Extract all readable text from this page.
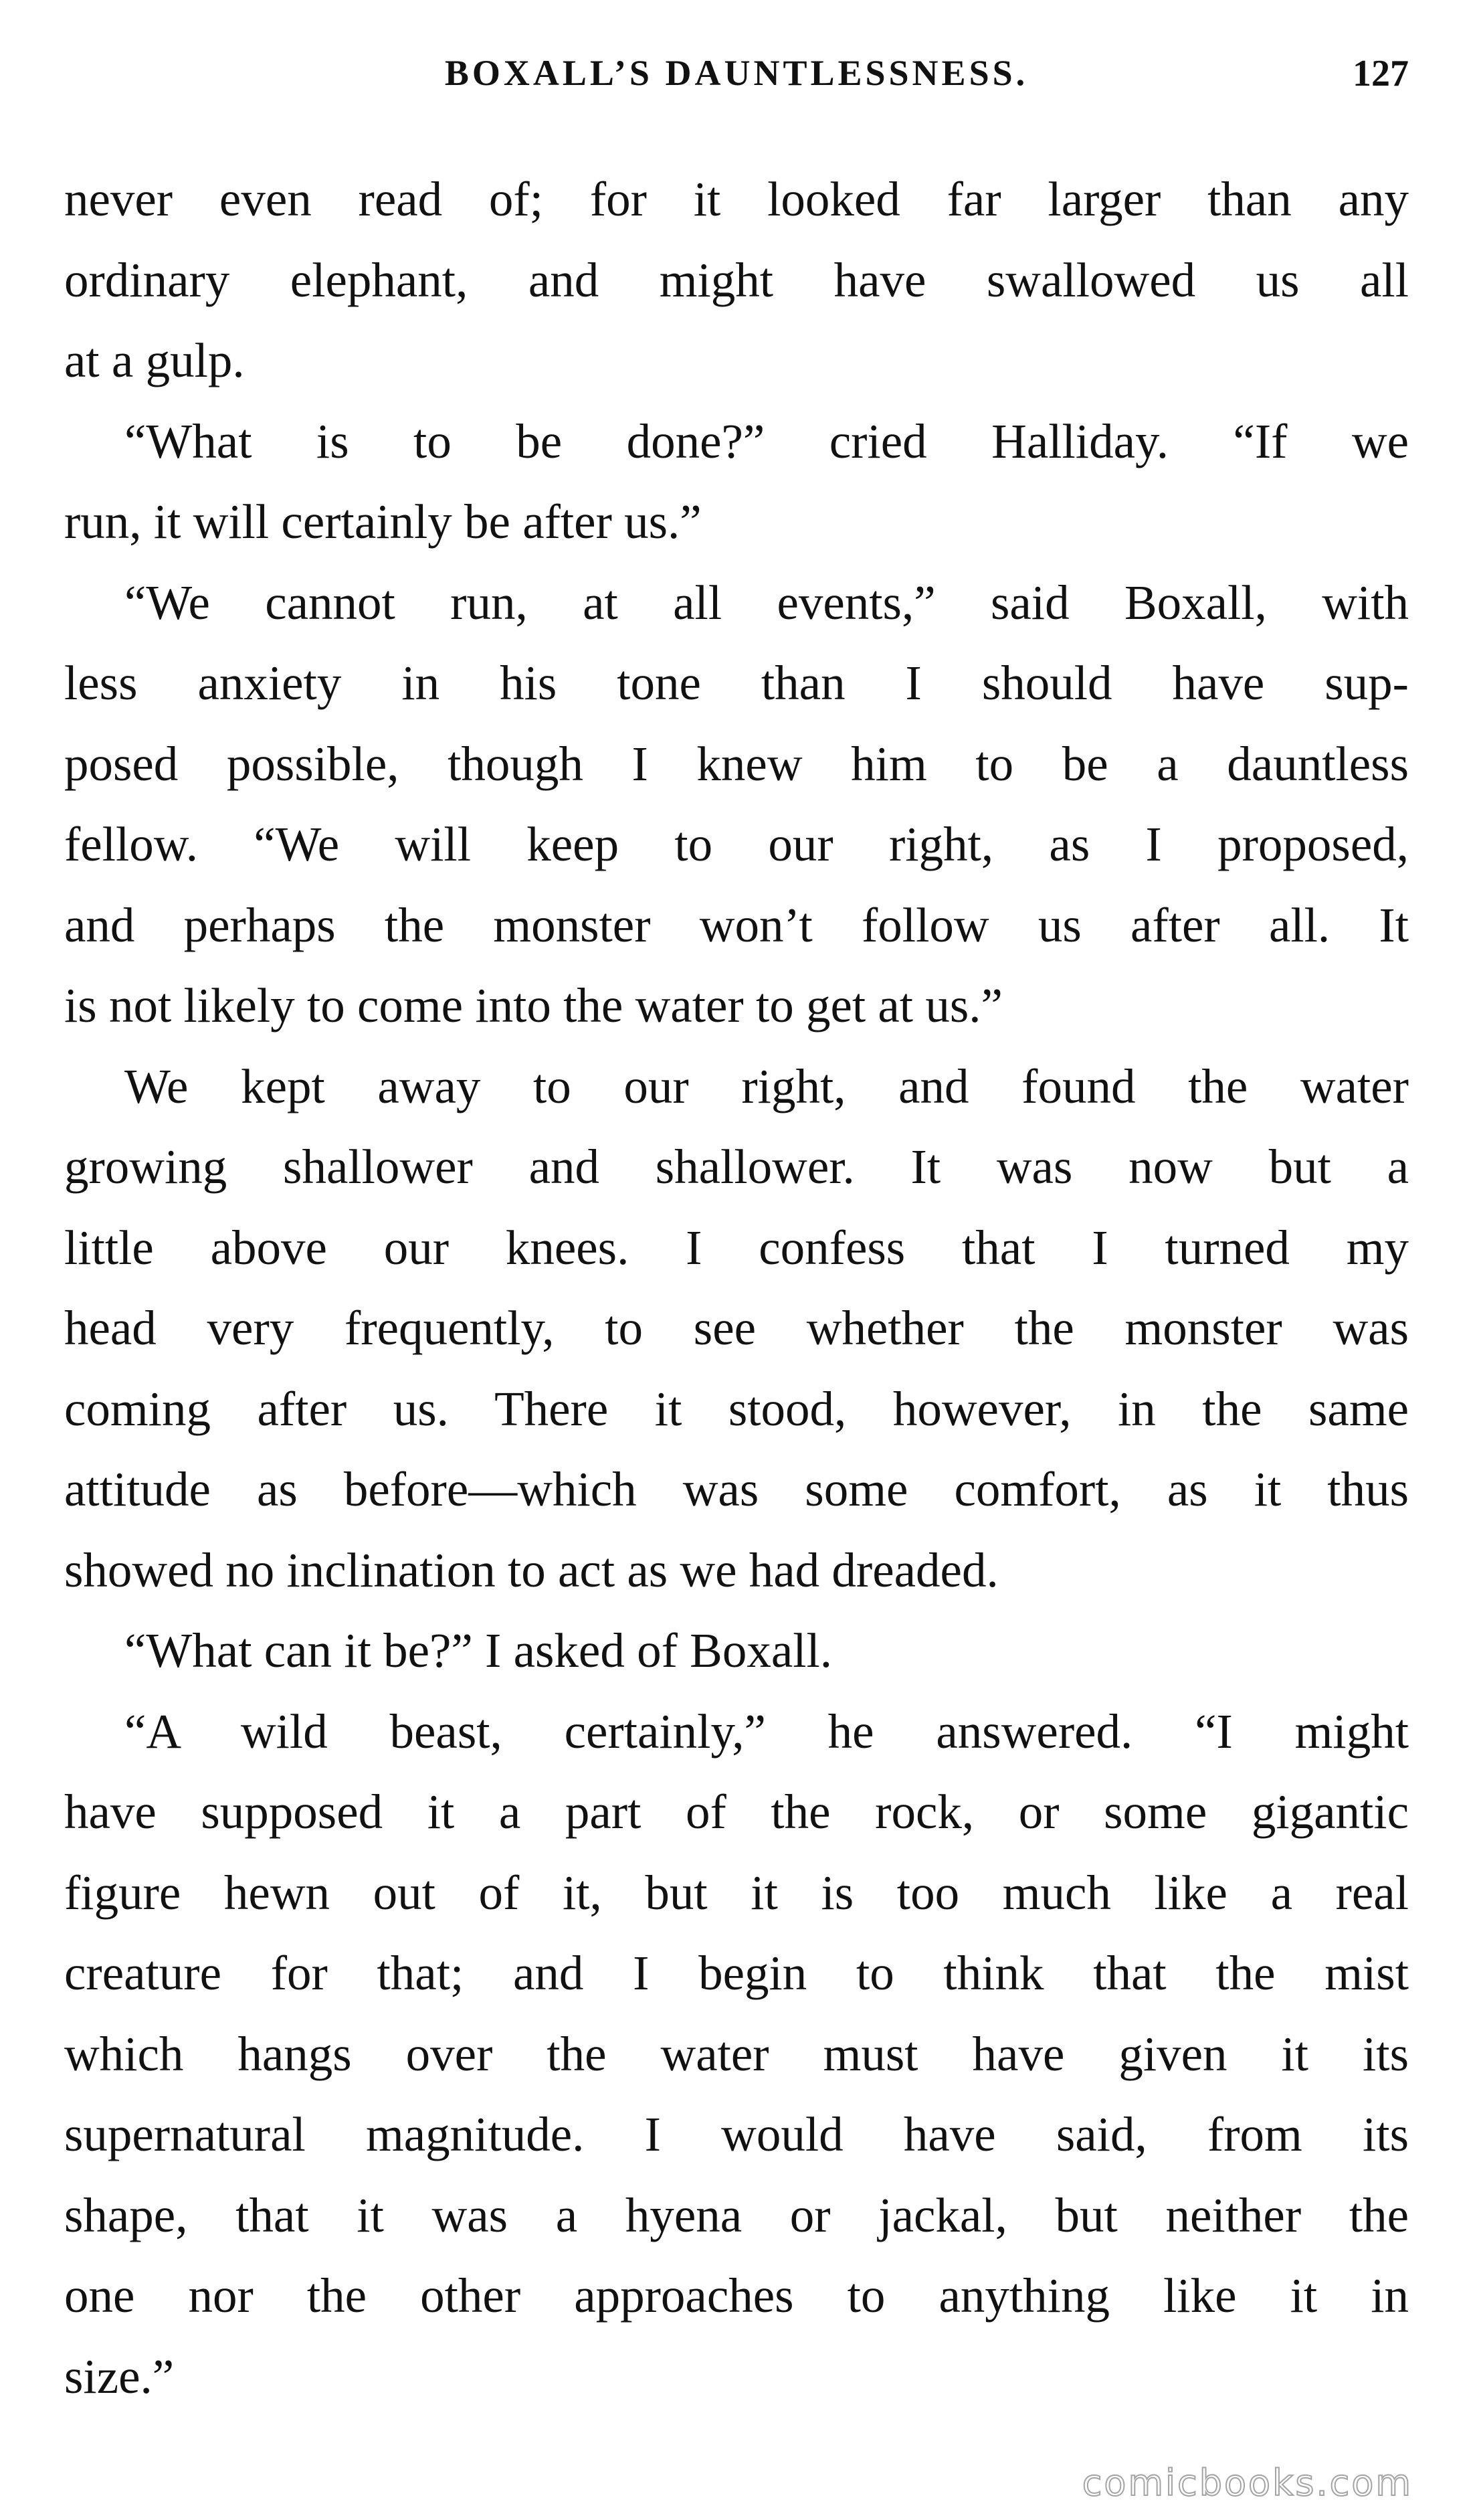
BOXALL’S DAUNTLESSNESS.	127

never even read of; for it looked far larger than any
ordinary elephant, and might have swallowed us all
at a gulp.

“What is to be done?” cried Halliday. “If we
run, it will certainly be after us.”

“We cannot run, at all events,” said Boxall, with
less anxiety in his tone than I should have sup-
posed possible, though I knew him to be a dauntless
fellow. “We will keep to our right, as I proposed,
and perhaps the monster won’t follow us after all. It
is not likely to come into the water to get at us.”

We kept away to our right, and found the water
growing shallower and shallower. It was now but a
little above our knees. I confess that I turned my
head very frequently, to see whether the monster was
coming after us. There it stood, however, in the same
attitude as before—which was some comfort, as it thus
showed no inclination to act as we had dreaded.

“What can it be?” I asked of Boxall.

“A wild beast, certainly,” he answered. “I might
have supposed it a part of the rock, or some gigantic
figure hewn out of it, but it is too much like a real
creature for that; and I begin to think that the mist
which hangs over the water must have given it its
supernatural magnitude. I would have said, from its
shape, that it was a hyena or jackal, but neither the
one nor the other approaches to anything like it in
size.”

comicbooks.com
